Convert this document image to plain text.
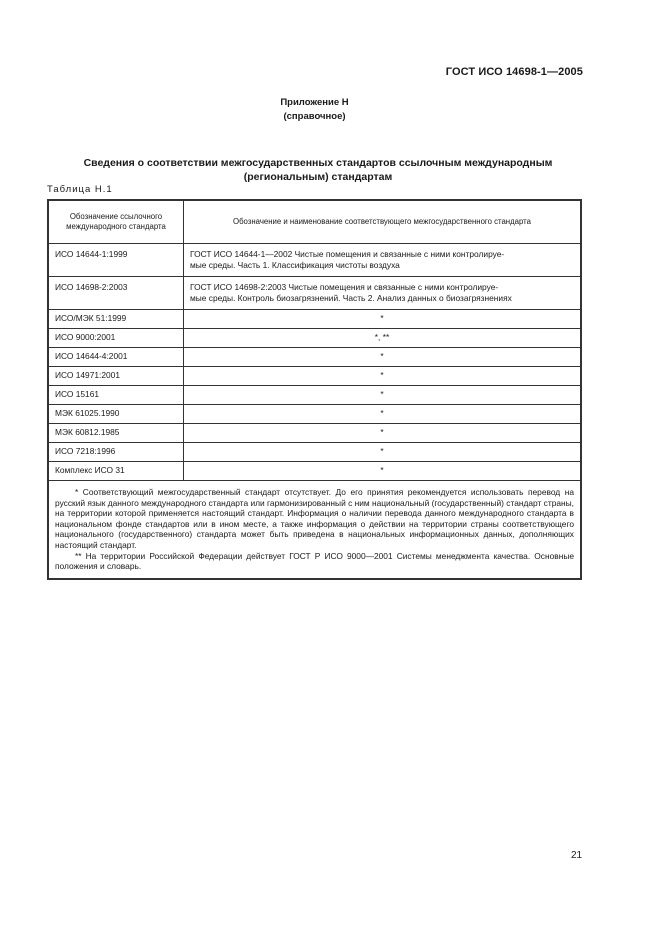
ГОСТ ИСО 14698-1—2005
Приложение Н
(справочное)
Сведения о соответствии межгосударственных стандартов ссылочным международным
(региональным) стандартам
Таблица Н.1
Обозначение ссылочного
международного стандарта	Обозначение и наименование соответствующего межгосударственного стандарта
ИСО 14644-1:1999	ГОСТ ИСО 14644-1—2002 Чистые помещения и связанные с ними контролируе-
мые среды. Часть 1. Классификация чистоты воздуха

ИСО 14698-2:2003	ГОСТ ИСО 14698-2:2003 Чистые помещения и связанные с ними контролируе-
мые среды. Контроль биозагрязнений. Часть 2. Анализ данных о биозагрязнениях

ИСО/МЭК 51:1999	*
ИСО 9000:2001	*, **
ИСО 14644-4:2001	*
ИСО 14971:2001	*
ИСО 15161	*
МЭК 61025.1990	*
МЭК 60812.1985	*
ИСО 7218:1996	*
Комплекс ИСО 31	*

* Соответствующий межгосударственный стандарт отсутствует. До его принятия рекомендуется использовать перевод на русский язык данного международного стандарта или гармонизированный с ним национальный (государственный) стандарт страны, на территории которой применяется настоящий стандарт. Информация о наличии перевода данного международного стандарта в национальном фонде стандартов или в ином месте, а также информация о действии на территории страны соответствующего национального (государственного) стандарта может быть приведена в национальных информационных данных, дополняющих настоящий стандарт.

** На территории Российской Федерации действует ГОСТ Р ИСО 9000—2001 Системы менеджмента качества. Основные положения и словарь.	

21
